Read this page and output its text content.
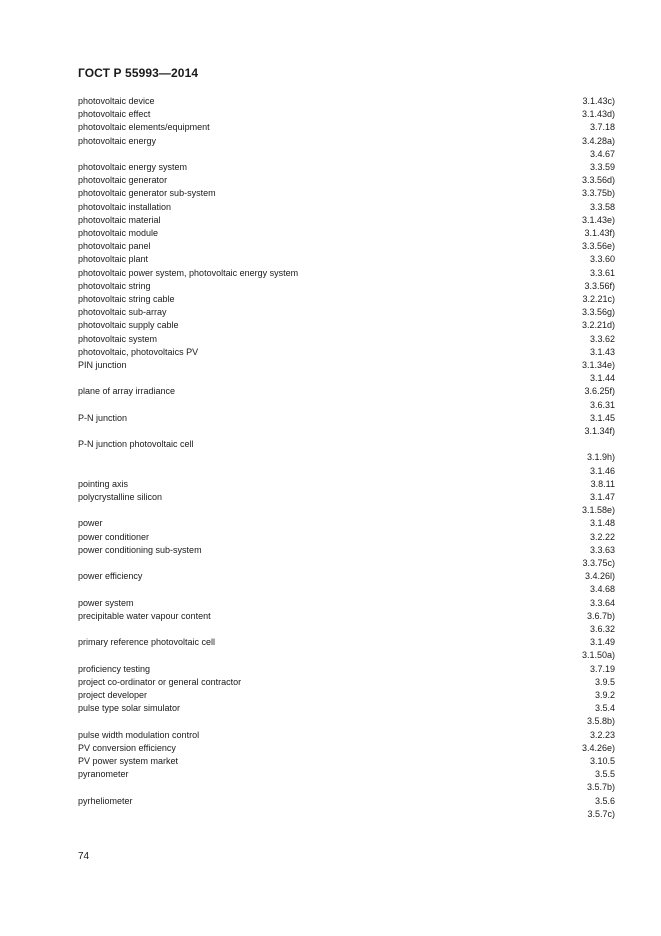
ГОСТ Р 55993—2014
photovoltaic device	3.1.43c)
photovoltaic effect	3.1.43d)
photovoltaic elements/equipment	3.7.18
photovoltaic energy	3.4.28a)
3.4.67
photovoltaic energy system	3.3.59
photovoltaic generator	3.3.56d)
photovoltaic generator sub-system	3.3.75b)
photovoltaic installation	3.3.58
photovoltaic material	3.1.43e)
photovoltaic module	3.1.43f)
photovoltaic panel	3.3.56e)
photovoltaic plant	3.3.60
photovoltaic power system, photovoltaic energy system	3.3.61
photovoltaic string	3.3.56f)
photovoltaic string cable	3.2.21c)
photovoltaic sub-array	3.3.56g)
photovoltaic supply cable	3.2.21d)
photovoltaic system	3.3.62
photovoltaic, photovoltaics PV	3.1.43
PIN junction	3.1.34e)
3.1.44
plane of array irradiance	3.6.25f)
3.6.31
P-N junction	3.1.45
3.1.34f)
P-N junction photovoltaic cell
3.1.9h)
3.1.46
pointing axis	3.8.11
polycrystalline silicon	3.1.47
3.1.58e)
power	3.1.48
power conditioner	3.2.22
power conditioning sub-system	3.3.63
3.3.75c)
power efficiency	3.4.26l)
3.4.68
power system	3.3.64
precipitable water vapour content	3.6.7b)
3.6.32
primary reference photovoltaic cell	3.1.49
3.1.50a)
proficiency testing	3.7.19
project co-ordinator or general contractor	3.9.5
project developer	3.9.2
pulse type solar simulator	3.5.4
3.5.8b)
pulse width modulation control	3.2.23
PV conversion efficiency	3.4.26e)
PV power system market	3.10.5
pyranometer	3.5.5
3.5.7b)
pyrheliometer	3.5.6
3.5.7c)
74
